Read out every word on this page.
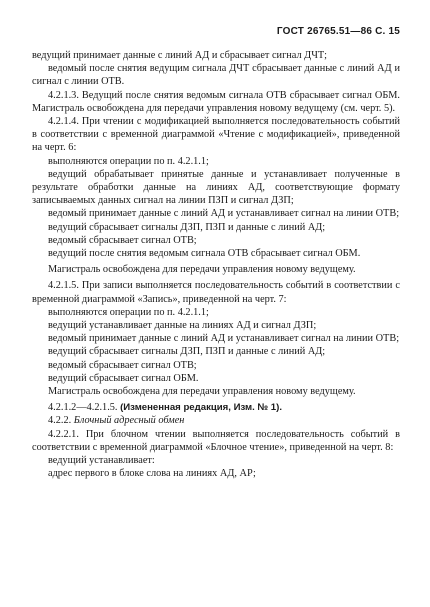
ГОСТ 26765.51—86 С. 15

ведущий принимает данные с линий АД и сбрасывает сигнал ДЧТ;

ведомый после снятия ведущим сигнала ДЧТ сбрасывает данные с линий АД и сигнал с линии ОТВ.

4.2.1.3. Ведущий после снятия ведомым сигнала ОТВ сбрасывает сигнал ОБМ. Магистраль освобождена для передачи управления новому ведущему (см. черт. 5).

4.2.1.4. При чтении с модификацией выполняется последовательность событий в соответствии с временной диаграммой «Чтение с модификацией», приведенной на черт. 6:

выполняются операции по п. 4.2.1.1;

ведущий обрабатывает принятые данные и устанавливает полученные в результате обработки данные на линиях АД, соответствующие формату записываемых данных сигнал на линии ПЗП и сигнал ДЗП;

ведомый принимает данные с линий АД и устанавливает сигнал на линии ОТВ;

ведущий сбрасывает сигналы ДЗП, ПЗП и данные с линий АД;

ведомый сбрасывает сигнал ОТВ;

ведущий после снятия ведомым сигнала ОТВ сбрасывает сигнал ОБМ.

Магистраль освобождена для передачи управления новому ведущему.

4.2.1.5. При записи выполняется последовательность событий в соответствии с временной диаграммой «Запись», приведенной на черт. 7:

выполняются операции по п. 4.2.1.1;

ведущий устанавливает данные на линиях АД и сигнал ДЗП;

ведомый принимает данные с линий АД и устанавливает сигнал на линии ОТВ;

ведущий сбрасывает сигналы ДЗП, ПЗП и данные с линий АД;

ведомый сбрасывает сигнал ОТВ;

ведущий сбрасывает сигнал ОБМ.

Магистраль освобождена для передачи управления новому ведущему.

4.2.1.2—4.2.1.5. (Измененная редакция, Изм. № 1).

4.2.2. Блочный адресный обмен

4.2.2.1. При блочном чтении выполняется последовательность событий в соответствии с временной диаграммой «Блочное чтение», приведенной на черт. 8:

ведущий устанавливает:

адрес первого в блоке слова на линиях АД, АР;
